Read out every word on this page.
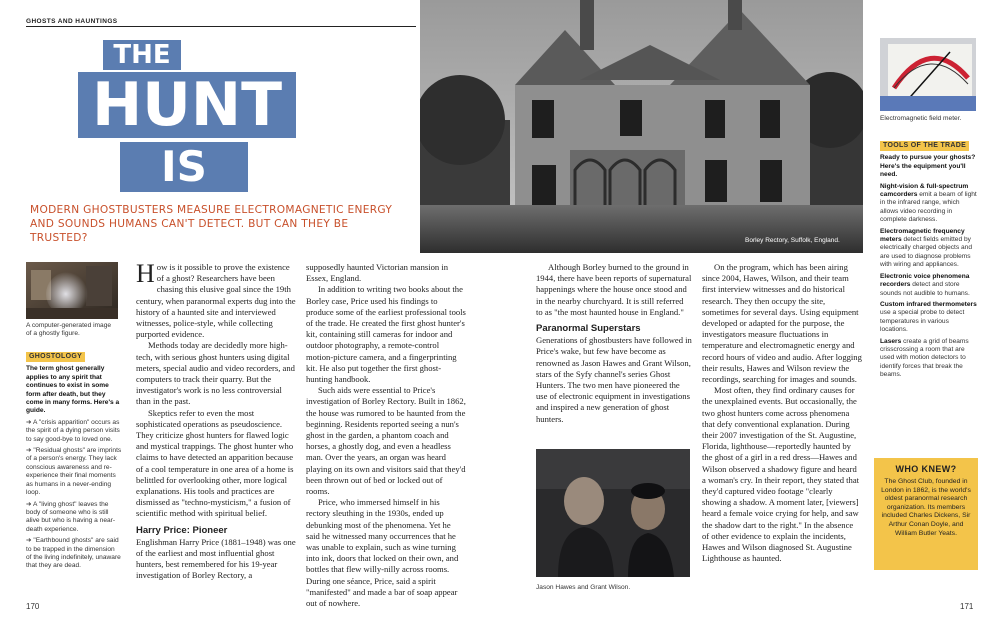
GHOSTS AND HAUNTINGS
THE
HUNT
IS ON
MODERN GHOSTBUSTERS MEASURE ELECTROMAGNETIC ENERGY AND SOUNDS HUMANS CAN'T DETECT. BUT CAN THEY BE TRUSTED?
A computer-generated image of a ghostly figure.
GHOSTOLOGY

The term ghost generally applies to any spirit that continues to exist in some form after death, but they come in many forms. Here's a guide.

➔ A "crisis apparition" occurs as the spirit of a dying person visits to say good-bye to loved one.

➔ "Residual ghosts" are imprints of a person's energy. They lack conscious awareness and re-experience their final moments as humans in a never-ending loop.

➔ A "living ghost" leaves the body of someone who is still alive but who is having a near-death experience.

➔ "Earthbound ghosts" are said to be trapped in the dimension of the living indefinitely, unaware that they are dead.

How is it possible to prove the existence of a ghost? Researchers have been chasing this elusive goal since the 19th century, when paranormal experts dug into the history of a haunted site and interviewed witnesses, police-style, while collecting purported evidence.

Methods today are decidedly more high-tech, with serious ghost hunters using digital meters, special audio and video recorders, and computers to track their quarry. But the investigator's work is no less controversial than in the past.

Skeptics refer to even the most sophisticated operations as pseudoscience. They criticize ghost hunters for flawed logic and mystical trappings. The ghost hunter who claims to have detected an apparition because of a cool temperature in one area of a home is belittled for overlooking other, more logical explanations. His tools and practices are dismissed as "techno-mysticism," a fusion of scientific method with spiritual belief.

Harry Price: Pioneer

Englishman Harry Price (1881–1948) was one of the earliest and most influential ghost hunters, best remembered for his 19-year investigation of Borley Rectory, a

supposedly haunted Victorian mansion in Essex, England.

In addition to writing two books about the Borley case, Price used his findings to produce some of the earliest professional tools of the trade. He created the first ghost hunter's kit, containing still cameras for indoor and outdoor photography, a remote-control motion-picture camera, and a fingerprinting kit. He also put together the first ghost-hunting handbook.

Such aids were essential to Price's investigation of Borley Rectory. Built in 1862, the house was rumored to be haunted from the beginning. Residents reported seeing a nun's ghost in the garden, a phantom coach and horses, a ghostly dog, and even a headless man. Over the years, an organ was heard playing on its own and visitors said that they'd been thrown out of bed or locked out of rooms.

Price, who immersed himself in his rectory sleuthing in the 1930s, ended up debunking most of the phenomena. Yet he said he witnessed many occurrences that he was unable to explain, such as wine turning into ink, doors that locked on their own, and bottles that flew willy-nilly across rooms. During one séance, Price, said a spirit "manifested" and made a bar of soap appear out of nowhere.

170
Borley Rectory, Suffolk, England.
Electromagnetic field meter.

Although Borley burned to the ground in 1944, there have been reports of supernatural happenings where the house once stood and in the nearby churchyard. It is still referred to as "the most haunted house in England."

Paranormal Superstars

Generations of ghostbusters have followed in Price's wake, but few have become as renowned as Jason Hawes and Grant Wilson, stars of the Syfy channel's series Ghost Hunters. The two men have pioneered the use of electronic equipment in investigations and inspired a new generation of ghost hunters.

Jason Hawes and Grant Wilson.

On the program, which has been airing since 2004, Hawes, Wilson, and their team first interview witnesses and do historical research. They then occupy the site, sometimes for several days. Using equipment developed or adapted for the purpose, the investigators measure fluctuations in temperature and electromagnetic energy and record hours of video and audio. After logging their results, Hawes and Wilson review the recordings, searching for images and sounds.

Most often, they find ordinary causes for the unexplained events. But occasionally, the two ghost hunters come across phenomena that defy conventional explanation. During their 2007 investigation of the St. Augustine, Florida, lighthouse—reportedly haunted by the ghost of a girl in a red dress—Hawes and Wilson observed a shadowy figure and heard a woman's cry. In their report, they stated that they'd captured video footage "clearly showing a shadow. A moment later, [viewers] heard a female voice crying for help, and saw the shadow dart to the right." In the absence of other evidence to explain the incidents, Hawes and Wilson diagnosed St. Augustine Lighthouse as haunted.

TOOLS OF THE TRADE

Ready to pursue your ghosts? Here's the equipment you'll need.

Night-vision & full-spectrum camcorders emit a beam of light in the infrared range, which allows video recording in complete darkness.

Electromagnetic frequency meters detect fields emitted by electrically charged objects and are used to diagnose problems with wiring and appliances.

Electronic voice phenomena recorders detect and store sounds not audible to humans.

Custom infrared thermometers use a special probe to detect temperatures in various locations.

Lasers create a grid of beams crisscrossing a room that are used with motion detectors to identify forces that break the beams.

WHO KNEW?
The Ghost Club, founded in London in 1862, is the world's oldest paranormal research organization. Its members included Charles Dickens, Sir Arthur Conan Doyle, and William Butler Yeats.
171
